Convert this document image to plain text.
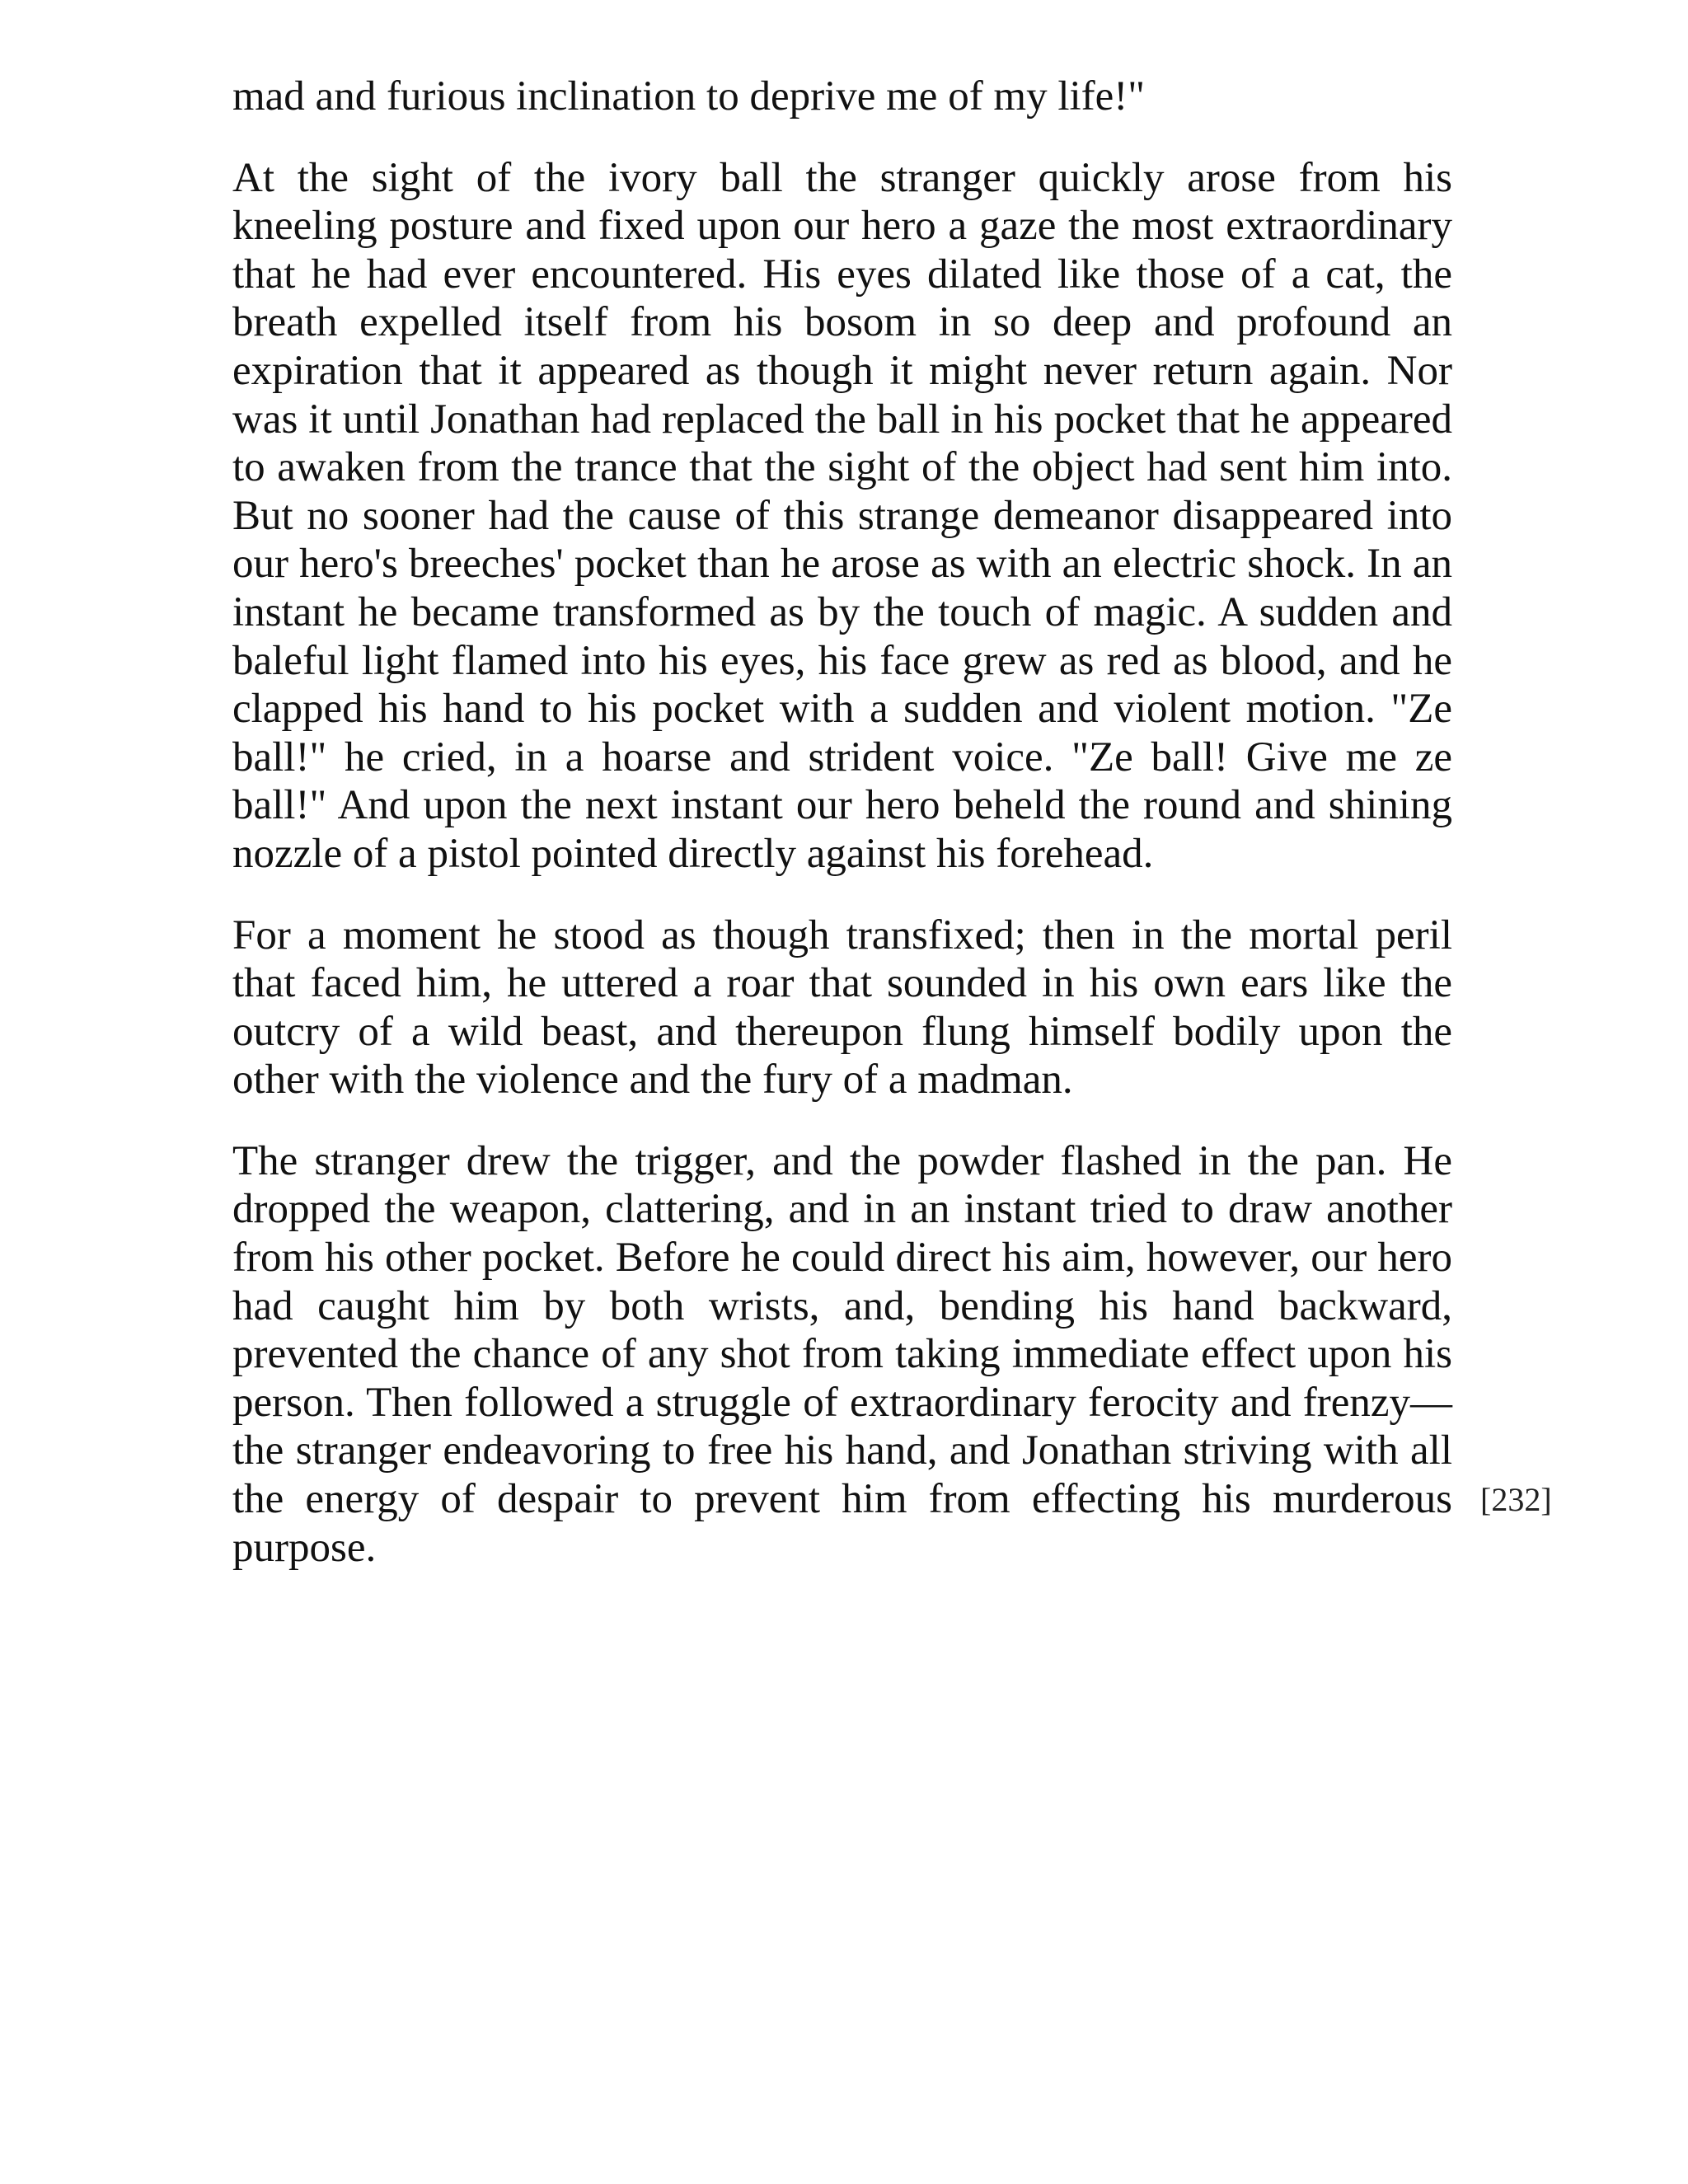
mad and furious inclination to deprive me of my life!"

At the sight of the ivory ball the stranger quickly arose from his kneeling posture and fixed upon our hero a gaze the most extraordinary that he had ever encountered. His eyes dilated like those of a cat, the breath expelled itself from his bosom in so deep and profound an expiration that it appeared as though it might never return again. Nor was it until Jonathan had replaced the ball in his pocket that he appeared to awaken from the trance that the sight of the object had sent him into. But no sooner had the cause of this strange demeanor disappeared into our hero's breeches' pocket than he arose as with an electric shock. In an instant he became transformed as by the touch of magic. A sudden and baleful light flamed into his eyes, his face grew as red as blood, and he clapped his hand to his pocket with a sudden and violent motion. "Ze ball!" he cried, in a hoarse and strident voice. "Ze ball! Give me ze ball!" And upon the next instant our hero beheld the round and shining nozzle of a pistol pointed directly against his forehead.

For a moment he stood as though transfixed; then in the mortal peril that faced him, he uttered a roar that sounded in his own ears like the outcry of a wild beast, and thereupon flung himself bodily upon the other with the violence and the fury of a madman.

The stranger drew the trigger, and the powder flashed in the pan. He dropped the weapon, clattering, and in an instant tried to draw another from his other pocket. Before he could direct his aim, however, our hero had caught him by both wrists, and, bending his hand backward, prevented the chance of any shot from taking immediate effect upon his person. Then followed a struggle of extraordinary ferocity and frenzy—the stranger endeavoring to free his hand, and Jonathan striving with all the energy of despair to prevent him from effecting his murderous purpose.

[232]
